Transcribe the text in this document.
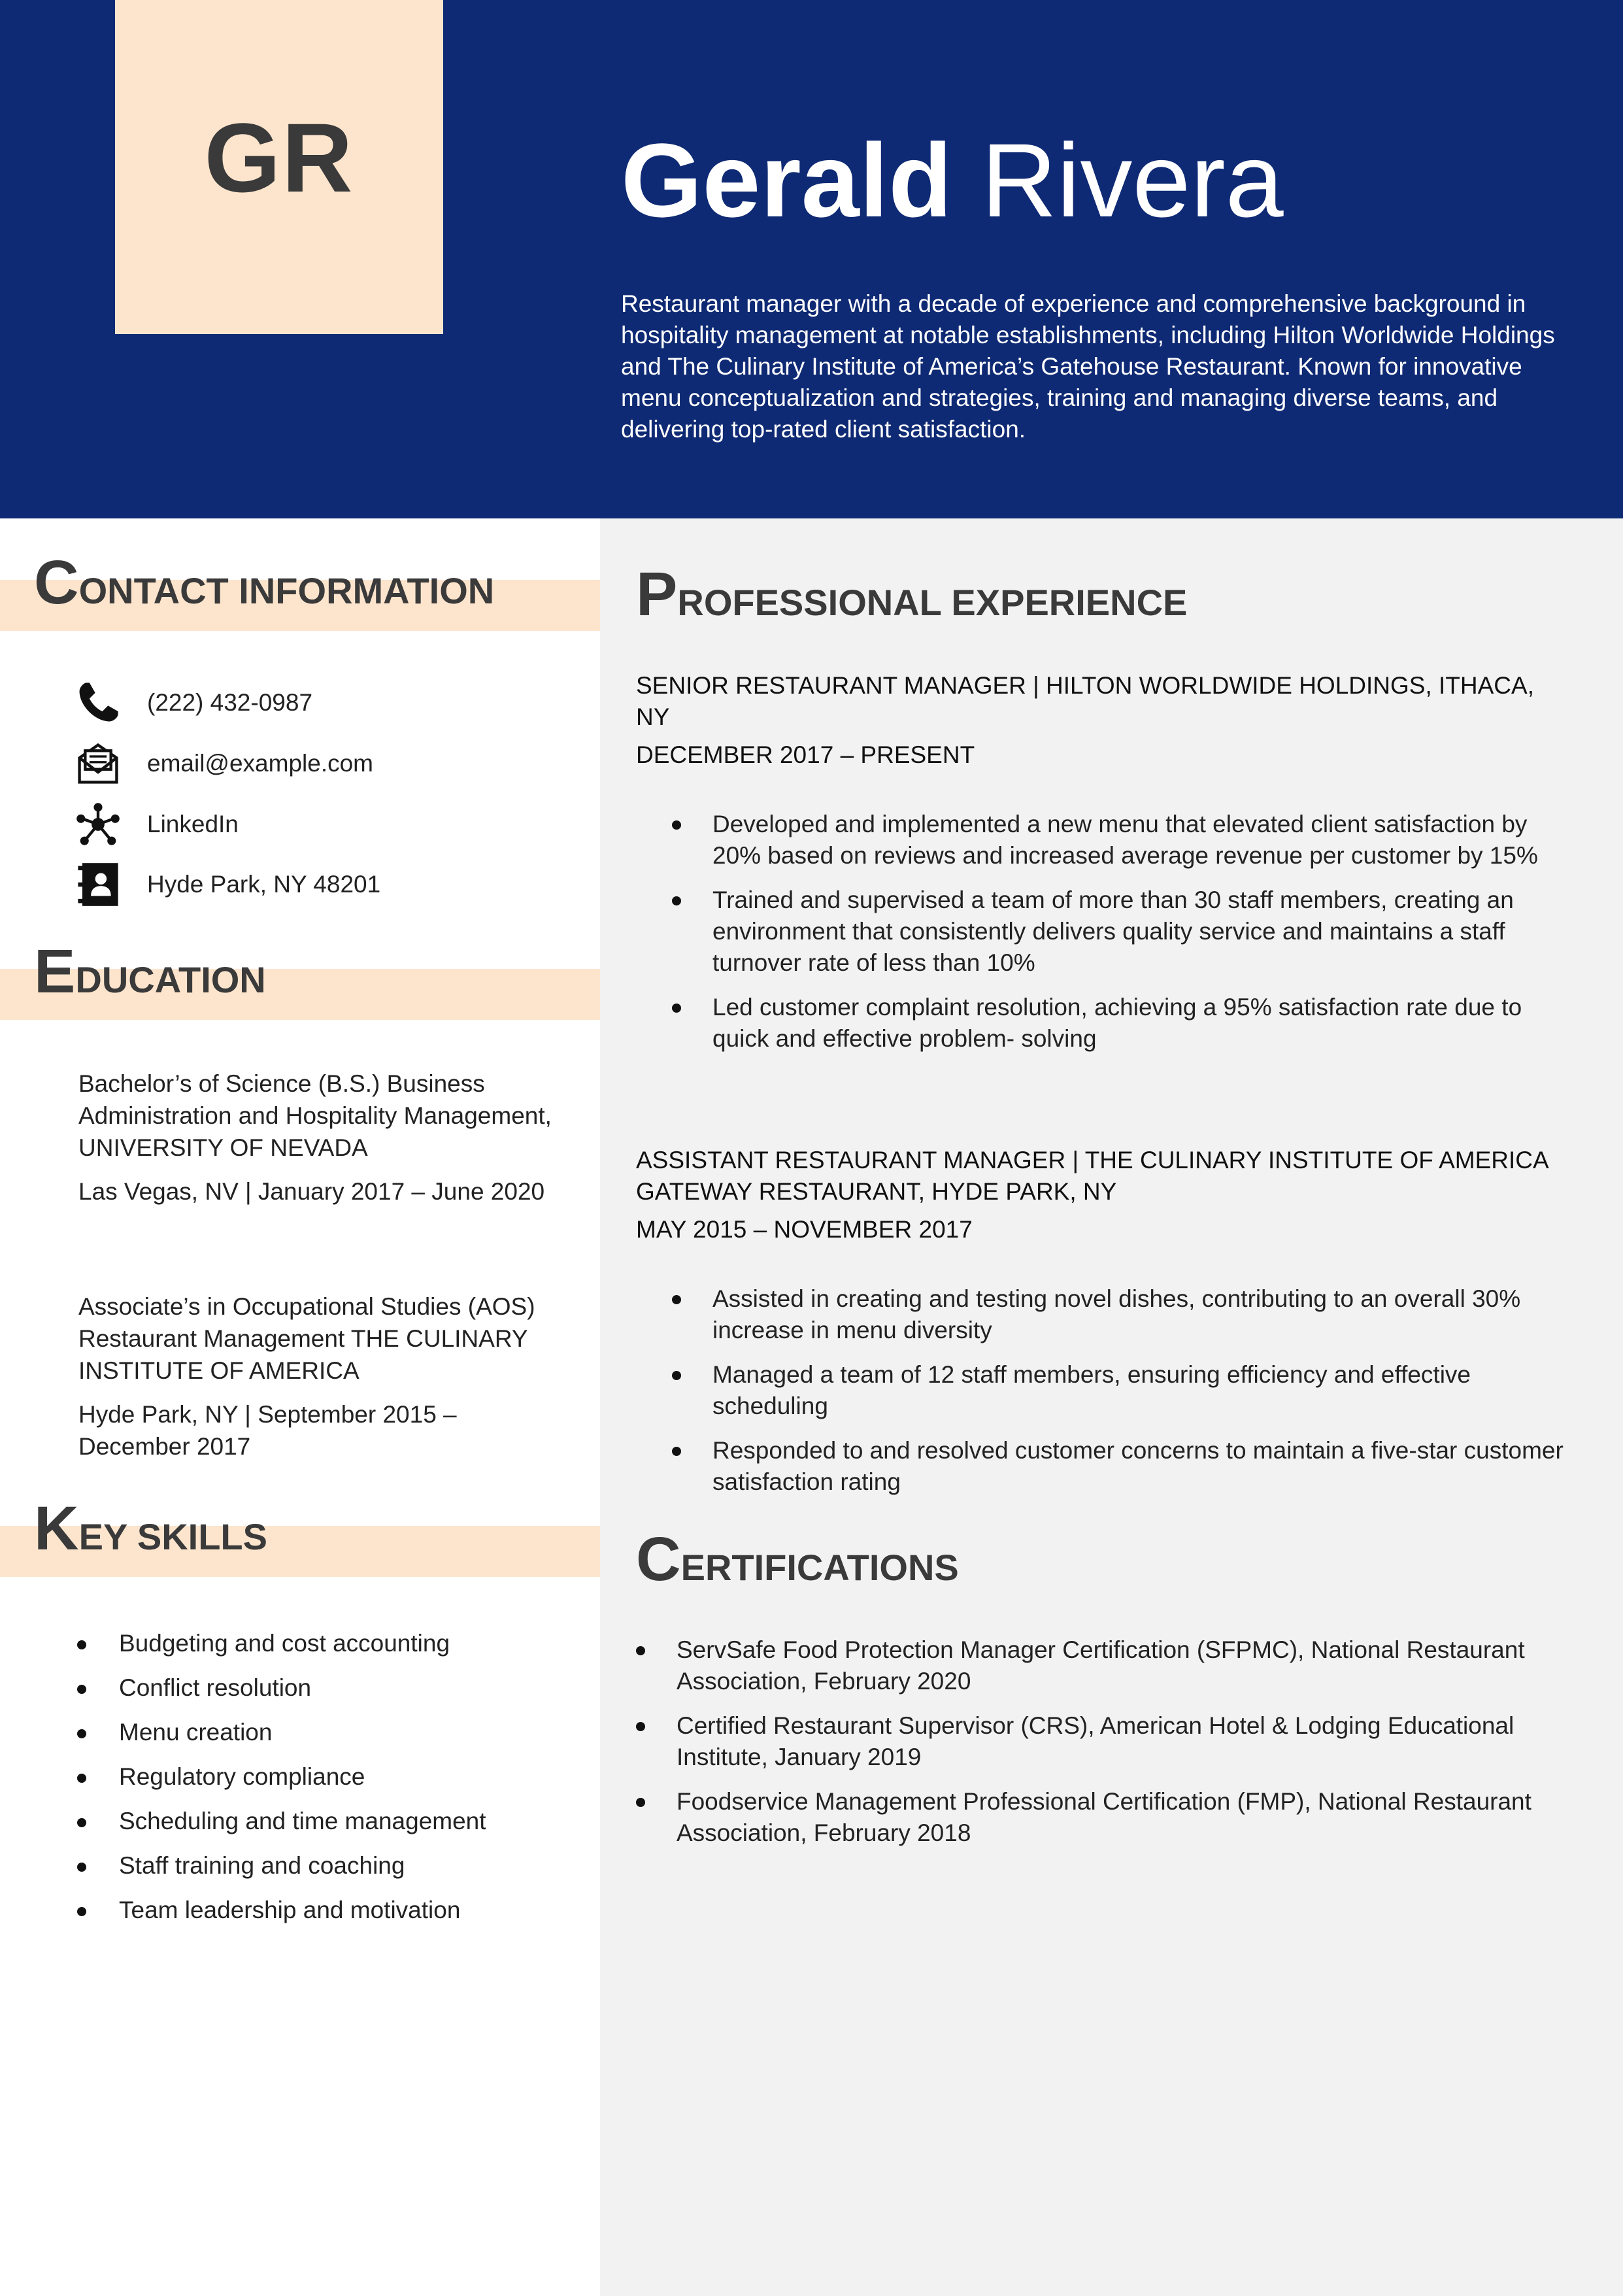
GR	Gerald Rivera

Restaurant manager with a decade of experience and comprehensive background in hospitality management at notable establishments, including Hilton Worldwide Holdings and The Culinary Institute of America’s Gatehouse Restaurant. Known for innovative menu conceptualization and strategies, training and managing diverse teams, and delivering top-rated client satisfaction.

CONTACT INFORMATION
(222) 432-0987
email@example.com
LinkedIn
Hyde Park, NY 48201
EDUCATION

Bachelor’s of Science (B.S.) Business Administration and Hospitality Management, UNIVERSITY OF NEVADA

Las Vegas, NV | January 2017 – June 2020

Associate’s in Occupational Studies (AOS) Restaurant Management THE CULINARY INSTITUTE OF AMERICA

Hyde Park, NY | September 2015 – December 2017

KEY SKILLS
Budgeting and cost accounting
Conflict resolution
Menu creation
Regulatory compliance
Scheduling and time management
Staff training and coaching
Team leadership and motivation
PROFESSIONAL EXPERIENCE

SENIOR RESTAURANT MANAGER | HILTON WORLDWIDE HOLDINGS, ITHACA, NY

DECEMBER 2017 – PRESENT

Developed and implemented a new menu that elevated client satisfaction by 20% based on reviews and increased average revenue per customer by 15%
Trained and supervised a team of more than 30 staff members, creating an environment that consistently delivers quality service and maintains a staff turnover rate of less than 10%
Led customer complaint resolution, achieving a 95% satisfaction rate due to quick and effective problem- solving

ASSISTANT RESTAURANT MANAGER | THE CULINARY INSTITUTE OF AMERICA GATEWAY RESTAURANT, HYDE PARK, NY

MAY 2015 – NOVEMBER 2017

Assisted in creating and testing novel dishes, contributing to an overall 30% increase in menu diversity
Managed a team of 12 staff members, ensuring efficiency and effective scheduling
Responded to and resolved customer concerns to maintain a five-star customer satisfaction rating
CERTIFICATIONS
ServSafe Food Protection Manager Certification (SFPMC), National Restaurant Association, February 2020
Certified Restaurant Supervisor (CRS), American Hotel & Lodging Educational Institute, January 2019
Foodservice Management Professional Certification (FMP), National Restaurant Association, February 2018
